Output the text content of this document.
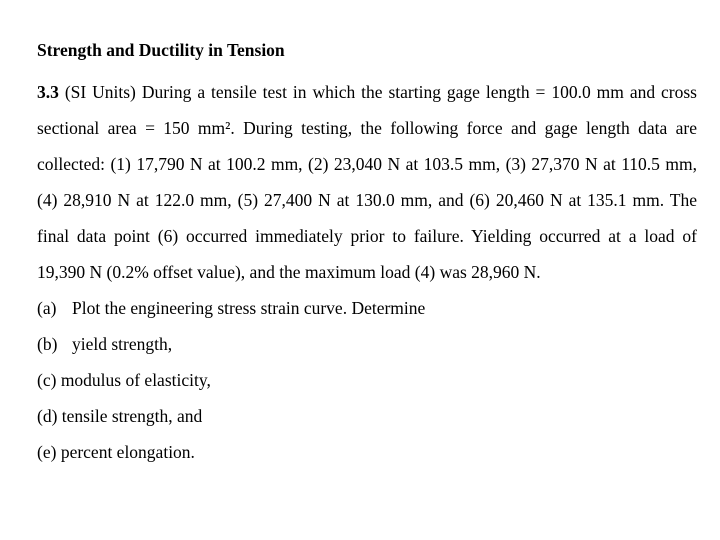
Strength and Ductility in Tension
3.3 (SI Units) During a tensile test in which the starting gage length = 100.0 mm and cross sectional area = 150 mm². During testing, the following force and gage length data are collected: (1) 17,790 N at 100.2 mm, (2) 23,040 N at 103.5 mm, (3) 27,370 N at 110.5 mm, (4) 28,910 N at 122.0 mm, (5) 27,400 N at 130.0 mm, and (6) 20,460 N at 135.1 mm. The final data point (6) occurred immediately prior to failure. Yielding occurred at a load of 19,390 N (0.2% offset value), and the maximum load (4) was 28,960 N.
(a) Plot the engineering stress strain curve. Determine
(b) yield strength,
(c) modulus of elasticity,
(d) tensile strength, and
(e) percent elongation.
